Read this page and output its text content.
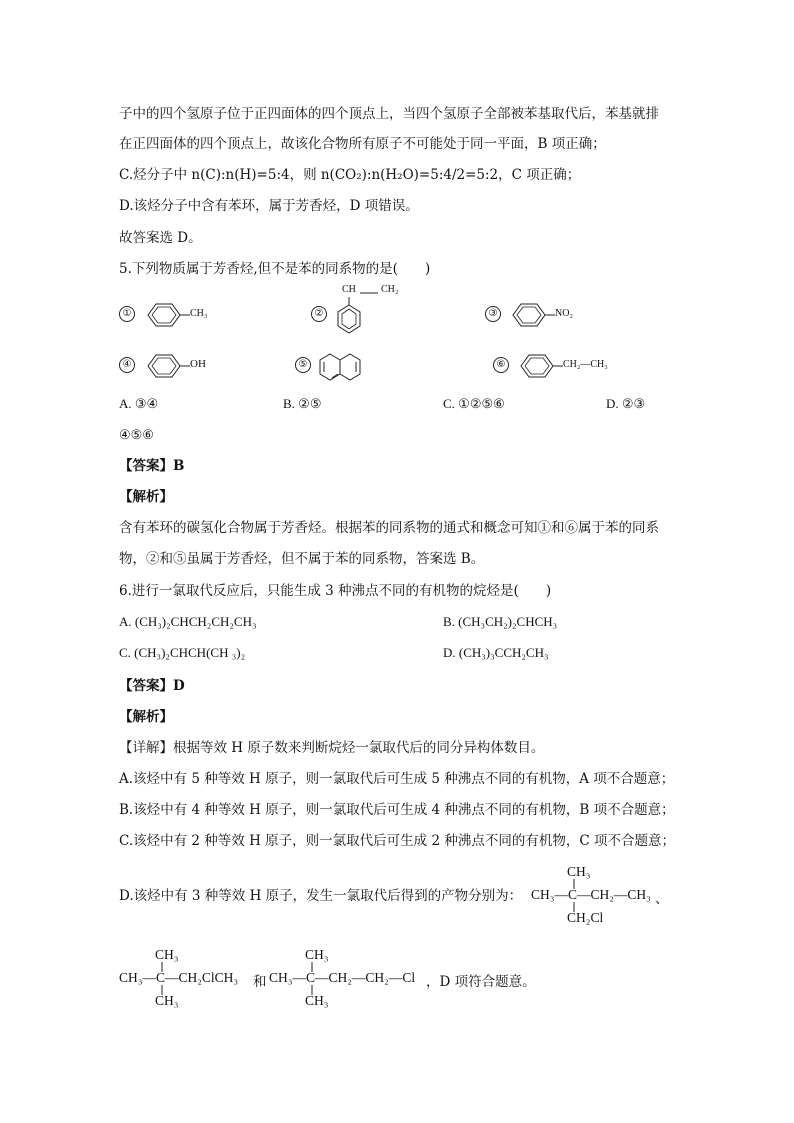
子中的四个氢原子位于正四面体的四个顶点上，当四个氢原子全部被苯基取代后，苯基就排
在正四面体的四个顶点上，故该化合物所有原子不可能处于同一平面，B 项正确；
C.烃分子中 n(C):n(H)=5:4，则 n(CO₂):n(H₂O)=5:4/2=5:2，C 项正确；
D.该烃分子中含有苯环，属于芳香烃，D 项错误。
故答案选 D。
5.下列物质属于芳香烃,但不是苯的同系物的是(　　)
①	CH₃	②
CH	CH₂
③	NO₂
④	OH	⑤	⑥	CH₂—CH₃
A. ③④	B. ②⑤	C. ①②⑤⑥	D. ②③
④⑤⑥
【答案】B
【解析】
含有苯环的碳氢化合物属于芳香烃。根据苯的同系物的通式和概念可知①和⑥属于苯的同系
物，②和⑤虽属于芳香烃，但不属于苯的同系物，答案选 B。
6.进行一氯取代反应后，只能生成 3 种沸点不同的有机物的烷烃是(　　)
A. (CH₃)₂CHCH₂CH₂CH₃	B. (CH₃CH₂)₂CHCH₃
C. (CH₃)₂CHCH(CH ₃)₂	D. (CH₃)₃CCH₂CH₃
【答案】D
【解析】
【详解】根据等效 H 原子数来判断烷烃一氯取代后的同分异构体数目。
A.该烃中有 5 种等效 H 原子，则一氯取代后可生成 5 种沸点不同的有机物，A 项不合题意；
B.该烃中有 4 种等效 H 原子，则一氯取代后可生成 4 种沸点不同的有机物，B 项不合题意；
C.该烃中有 2 种等效 H 原子，则一氯取代后可生成 2 种沸点不同的有机物，C 项不合题意；
D.该烃中有 3 种等效 H 原子，发生一氯取代后得到的产物分别为：
CH₃
CH₃—C—CH₂—CH₃
CH₂Cl
、
CH₃
CH₃—C—CH₂ClCH₃
CH₃
和
CH₃
CH₃—C—CH₂—CH₂—Cl
CH₃
，D 项符合题意。
